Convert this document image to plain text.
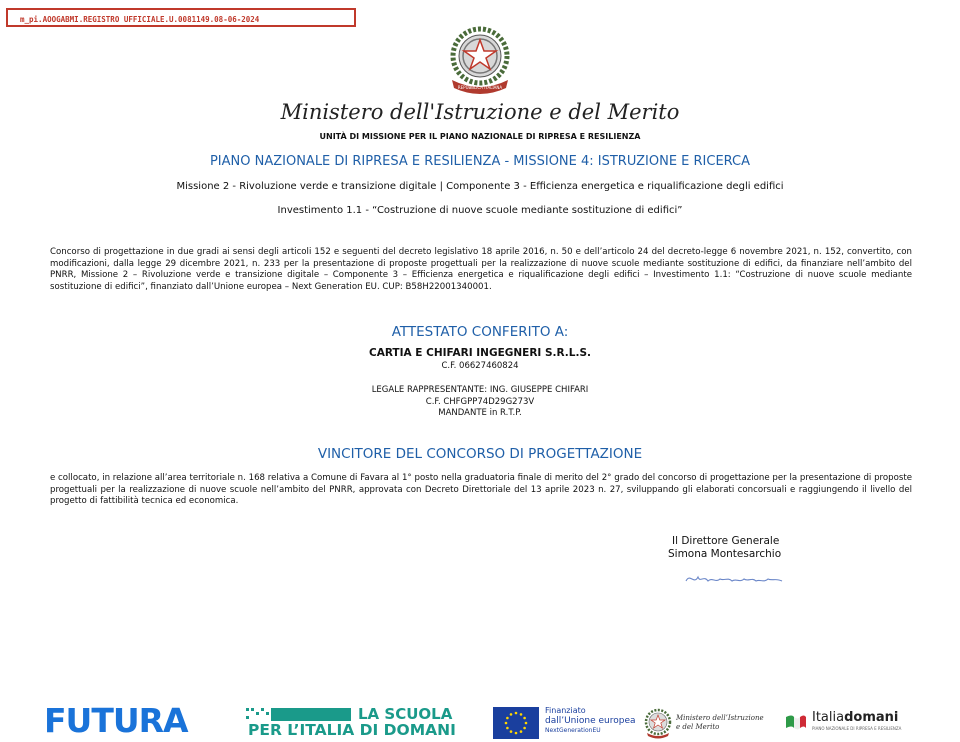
m_pi.AOOGABMI.REGISTRO UFFICIALE.U.0081149.08-06-2024
REPUBBLICA ITALIANA
Ministero dell'Istruzione e del Merito
UNITÀ DI MISSIONE PER IL PIANO NAZIONALE DI RIPRESA E RESILIENZA
PIANO NAZIONALE DI RIPRESA E RESILIENZA - MISSIONE 4: ISTRUZIONE E RICERCA
Missione 2 - Rivoluzione verde e transizione digitale | Componente 3 - Efficienza energetica e riqualificazione degli edifici
Investimento 1.1 - “Costruzione di nuove scuole mediante sostituzione di edifici”
Concorso di progettazione in due gradi ai sensi degli articoli 152 e seguenti del decreto legislativo 18 aprile 2016, n. 50 e dell’articolo 24 del decreto-legge 6 novembre 2021, n. 152, convertito, con modificazioni, dalla legge 29 dicembre 2021, n. 233 per la presentazione di proposte progettuali per la realizzazione di nuove scuole mediante sostituzione di edifici, da finanziare nell’ambito del PNRR, Missione 2 – Rivoluzione verde e transizione digitale – Componente 3 – Efficienza energetica e riqualificazione degli edifici – Investimento 1.1: “Costruzione di nuove scuole mediante sostituzione di edifici”, finanziato dall’Unione europea – Next Generation EU. CUP: B58H22001340001.
ATTESTATO CONFERITO A:
CARTIA E CHIFARI INGEGNERI S.R.L.S.
C.F. 06627460824
LEGALE RAPPRESENTANTE: ING. GIUSEPPE CHIFARI
C.F. CHFGPP74D29G273V
MANDANTE in R.T.P.
VINCITORE DEL CONCORSO DI PROGETTAZIONE
e collocato, in relazione all’area territoriale n. 168 relativa a Comune di Favara al 1° posto nella graduatoria finale di merito del 2° grado del concorso di progettazione per la presentazione di proposte progettuali per la realizzazione di nuove scuole nell’ambito del PNRR, approvata con Decreto Direttoriale del 13 aprile 2023 n. 27, sviluppando gli elaborati concorsuali e raggiungendo il livello del progetto di fattibilità tecnica ed economica.
Il Direttore Generale
Simona Montesarchio
FUTURA	LA SCUOLA
PER L’ITALIA DI DOMANI
Finanziato
dall’Unione europea
NextGenerationEU
Ministero dell’Istruzione
e del Merito
Italiadomani
PIANO NAZIONALE DI RIPRESA E RESILIENZA
